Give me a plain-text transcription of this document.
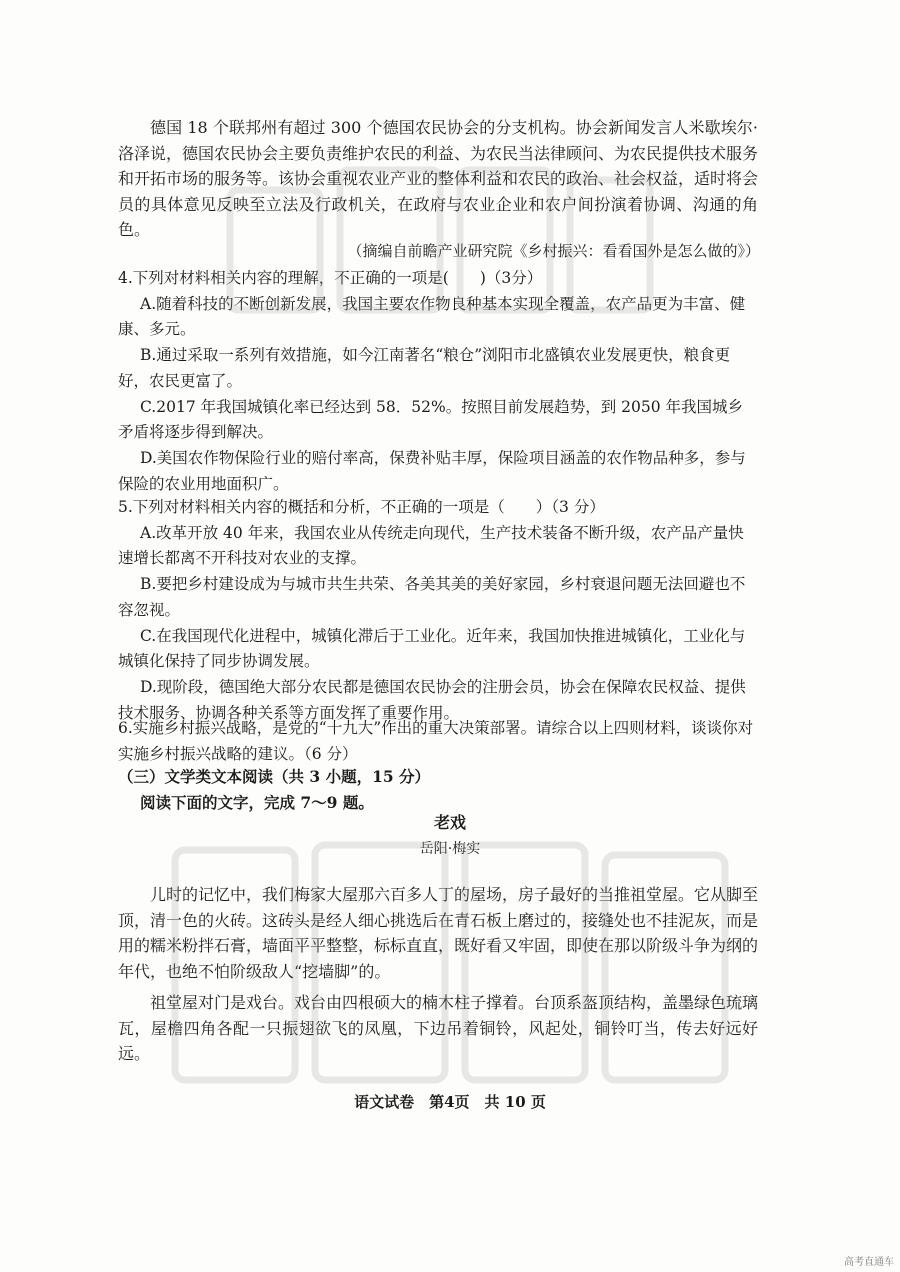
德国 18 个联邦州有超过 300 个德国农民协会的分支机构。协会新闻发言人米歇埃尔·洛泽说，德国农民协会主要负责维护农民的利益、为农民当法律顾问、为农民提供技术服务和开拓市场的服务等。该协会重视农业产业的整体利益和农民的政治、社会权益，适时将会员的具体意见反映至立法及行政机关，在政府与农业企业和农户间扮演着协调、沟通的角色。

（摘编自前瞻产业研究院《乡村振兴：看看国外是怎么做的》）

4.下列对材料相关内容的理解，不正确的一项是(　　)（3分）

A.随着科技的不断创新发展，我国主要农作物良种基本实现全覆盖，农产品更为丰富、健康、多元。

B.通过采取一系列有效措施，如今江南著名“粮仓”浏阳市北盛镇农业发展更快，粮食更好，农民更富了。

C.2017 年我国城镇化率已经达到 58．52%。按照目前发展趋势，到 2050 年我国城乡矛盾将逐步得到解决。

D.美国农作物保险行业的赔付率高，保费补贴丰厚，保险项目涵盖的农作物品种多，参与保险的农业用地面积广。

5.下列对材料相关内容的概括和分析，不正确的一项是（　　）（3 分）

A.改革开放 40 年来，我国农业从传统走向现代，生产技术装备不断升级，农产品产量快速增长都离不开科技对农业的支撑。

B.要把乡村建设成为与城市共生共荣、各美其美的美好家园，乡村衰退问题无法回避也不容忽视。

C.在我国现代化进程中，城镇化滞后于工业化。近年来，我国加快推进城镇化，工业化与城镇化保持了同步协调发展。

D.现阶段，德国绝大部分农民都是德国农民协会的注册会员，协会在保障农民权益、提供技术服务、协调各种关系等方面发挥了重要作用。

6.实施乡村振兴战略，是党的“十九大”作出的重大决策部署。请综合以上四则材料，谈谈你对实施乡村振兴战略的建议。（6 分）

（三）文学类文本阅读（共 3 小题，15 分）

阅读下面的文字，完成 7～9 题。

老戏
岳阳·梅实

儿时的记忆中，我们梅家大屋那六百多人丁的屋场，房子最好的当推祖堂屋。它从脚至顶，清一色的火砖。这砖头是经人细心挑选后在青石板上磨过的，接缝处也不挂泥灰，而是用的糯米粉拌石膏，墙面平平整整，标标直直，既好看又牢固，即使在那以阶级斗争为纲的年代，也绝不怕阶级敌人“挖墙脚”的。

祖堂屋对门是戏台。戏台由四根硕大的楠木柱子撑着。台顶系盔顶结构，盖墨绿色琉璃瓦，屋檐四角各配一只振翅欲飞的凤凰，下边吊着铜铃，风起处，铜铃叮当，传去好远好远。

语文试卷　第4页　共 10 页
高考直通车
